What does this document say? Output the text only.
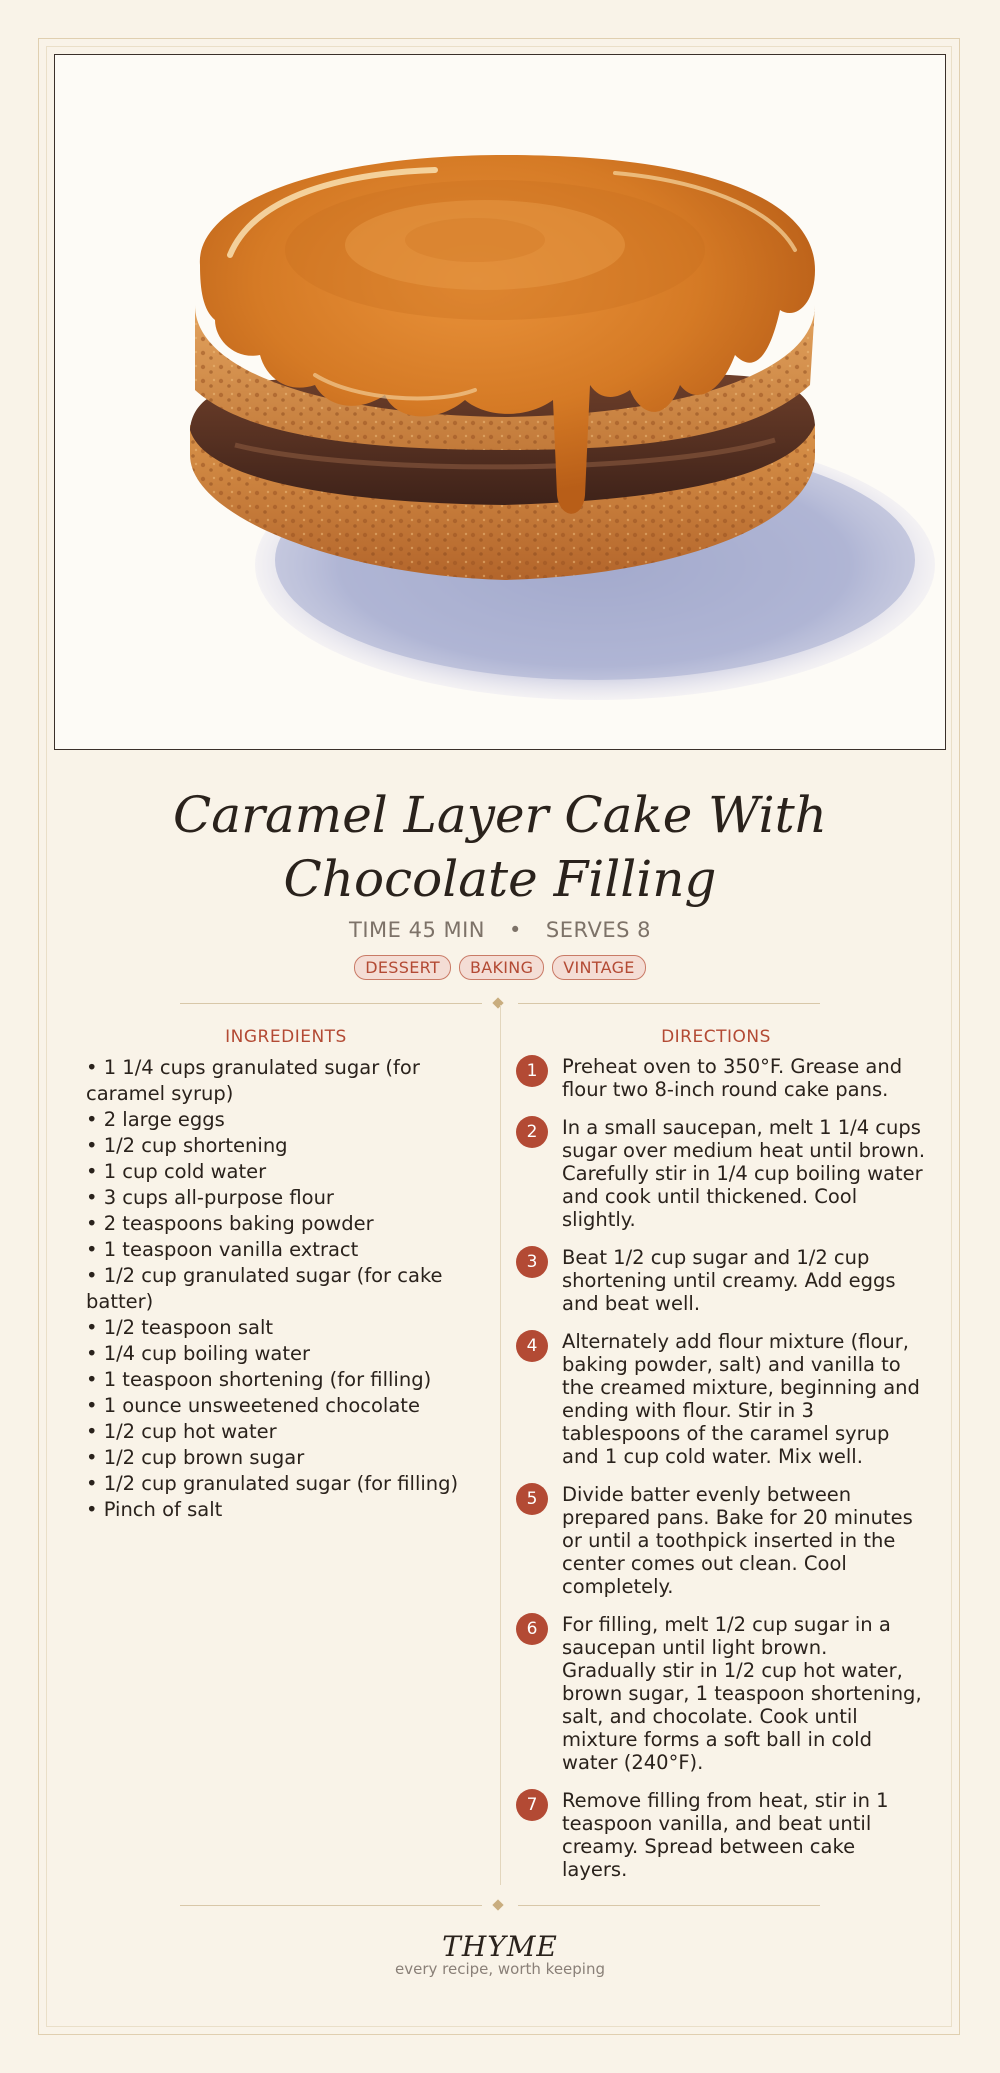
Caramel Layer Cake With Chocolate Filling
TIME 45 MIN • SERVES 8
DESSERT	BAKING	VINTAGE
INGREDIENTS
• 1 1/4 cups granulated sugar (for caramel syrup)
• 2 large eggs
• 1/2 cup shortening
• 1 cup cold water
• 3 cups all-purpose flour
• 2 teaspoons baking powder
• 1 teaspoon vanilla extract
• 1/2 cup granulated sugar (for cake batter)
• 1/2 teaspoon salt
• 1/4 cup boiling water
• 1 teaspoon shortening (for filling)
• 1 ounce unsweetened chocolate
• 1/2 cup hot water
• 1/2 cup brown sugar
• 1/2 cup granulated sugar (for filling)
• Pinch of salt
DIRECTIONS
1	Preheat oven to 350°F. Grease and flour two 8-inch round cake pans.
2	In a small saucepan, melt 1 1/4 cups sugar over medium heat until brown. Carefully stir in 1/4 cup boiling water and cook until thickened. Cool slightly.
3	Beat 1/2 cup sugar and 1/2 cup shortening until creamy. Add eggs and beat well.
4	Alternately add flour mixture (flour, baking powder, salt) and vanilla to the creamed mixture, beginning and ending with flour. Stir in 3 tablespoons of the caramel syrup and 1 cup cold water. Mix well.
5	Divide batter evenly between prepared pans. Bake for 20 minutes or until a toothpick inserted in the center comes out clean. Cool completely.
6	For filling, melt 1/2 cup sugar in a saucepan until light brown. Gradually stir in 1/2 cup hot water, brown sugar, 1 teaspoon shortening, salt, and chocolate. Cook until mixture forms a soft ball in cold water (240°F).
7	Remove filling from heat, stir in 1 teaspoon vanilla, and beat until creamy. Spread between cake layers.
THYME
every recipe, worth keeping
